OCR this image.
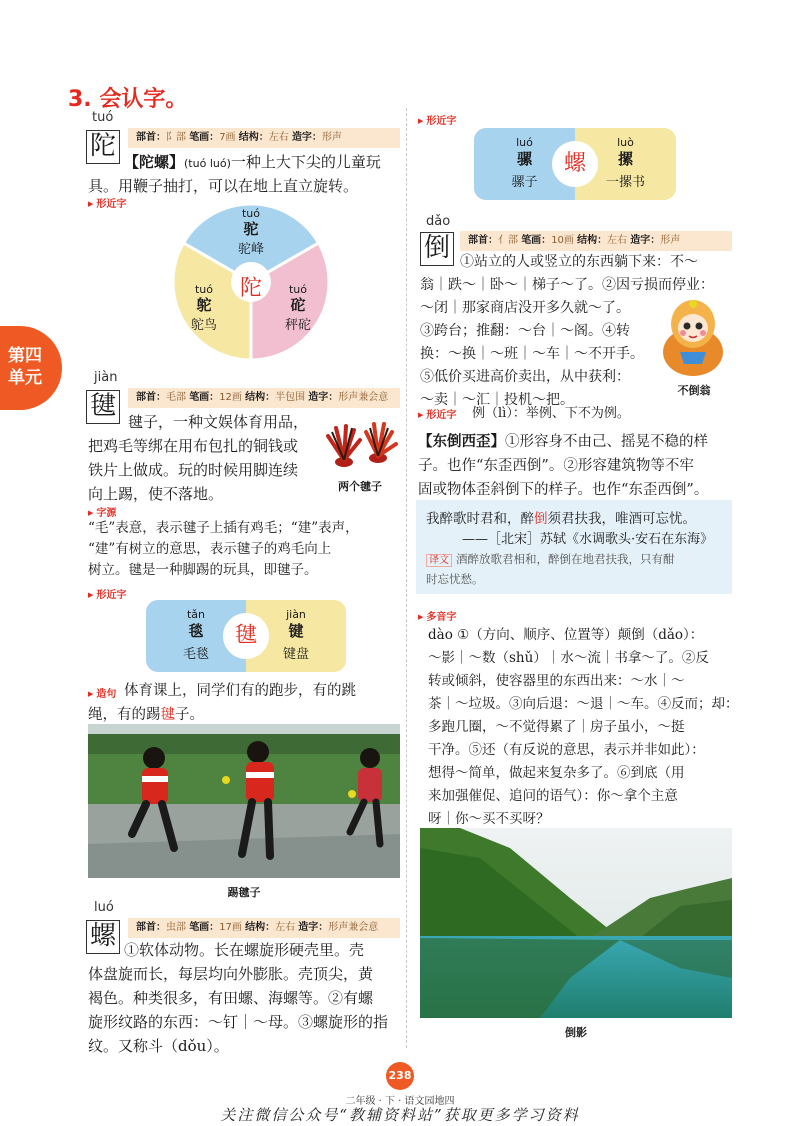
3. 会认字。
第四
单元
tuó
陀	部首：阝部 笔画：7画 结构：左右 造字：形声
【陀螺】(tuó luó)一种上大下尖的儿童玩
具。用鞭子抽打，可以在地上直立旋转。
▶ 形近字
陀
tuó
驼
驼峰
tuó
鸵
鸵鸟
tuó
砣
秤砣
jiàn
毽	部首：毛部 笔画：12画 结构：半包围 造字：形声兼会意
毽子，一种文娱体育用品，
把鸡毛等绑在用布包扎的铜钱或
铁片上做成。玩的时候用脚连续
向上踢，使不落地。	两个毽子
▶ 字源
“毛”表意，表示毽子上插有鸡毛；“建”表声，
“建”有树立的意思，表示毽子的鸡毛向上
树立。毽是一种脚踢的玩具，即毽子。
▶ 形近字
tǎn
毯
毛毯
jiàn
键
键盘
毽
▶ 造句 体育课上，同学们有的跑步，有的跳
绳，有的踢毽子。
踢毽子
luó
螺	部首：虫部 笔画：17画 结构：左右 造字：形声兼会意
①软体动物。长在螺旋形硬壳里。壳
体盘旋而长，每层均向外膨胀。壳顶尖，黄
褐色。种类很多，有田螺、海螺等。②有螺
旋形纹路的东西：～钉｜～母。③螺旋形的指
纹。又称斗（dǒu）。
▶ 形近字
luó
骡
骡子
luò
摞
一摞书
螺
dǎo
倒	部首：亻部 笔画：10画 结构：左右 造字：形声
①站立的人或竖立的东西躺下来：不～
翁｜跌～｜卧～｜梯子～了。②因亏损而停业：
～闭｜那家商店没开多久就～了。
③跨台；推翻：～台｜～阁。④转
换：～换｜～班｜～车｜～不开手。
⑤低价买进高价卖出，从中获利：
～卖｜～汇｜投机～把。
不倒翁
▶ 形近字 例（lì）：举例、下不为例。
【东倒西歪】①形容身不由己、摇晃不稳的样
子。也作“东歪西倒”。②形容建筑物等不牢
固或物体歪斜倒下的样子。也作“东歪西倒”。
我醉歌时君和，醉倒须君扶我，唯酒可忘忧。
——［北宋］苏轼《水调歌头·安石在东海》
译文 酒醉放歌君相和，醉倒在地君扶我，只有酣
时忘忧愁。
▶ 多音字
dào ①（方向、顺序、位置等）颠倒（dǎo）：
～影｜～数（shǔ）｜水～流｜书拿～了。②反
转或倾斜，使容器里的东西出来：～水｜～
茶｜～垃圾。③向后退：～退｜～车。④反而；却：
多跑几圈，～不觉得累了｜房子虽小，～挺
干净。⑤还（有反说的意思，表示并非如此）：
想得～简单，做起来复杂多了。⑥到底（用
来加强催促、追问的语气）：你～拿个主意
呀｜你～买不买呀？
倒影
238
二年级 · 下 · 语文园地四
关注微信公众号“教辅资料站”获取更多学习资料
